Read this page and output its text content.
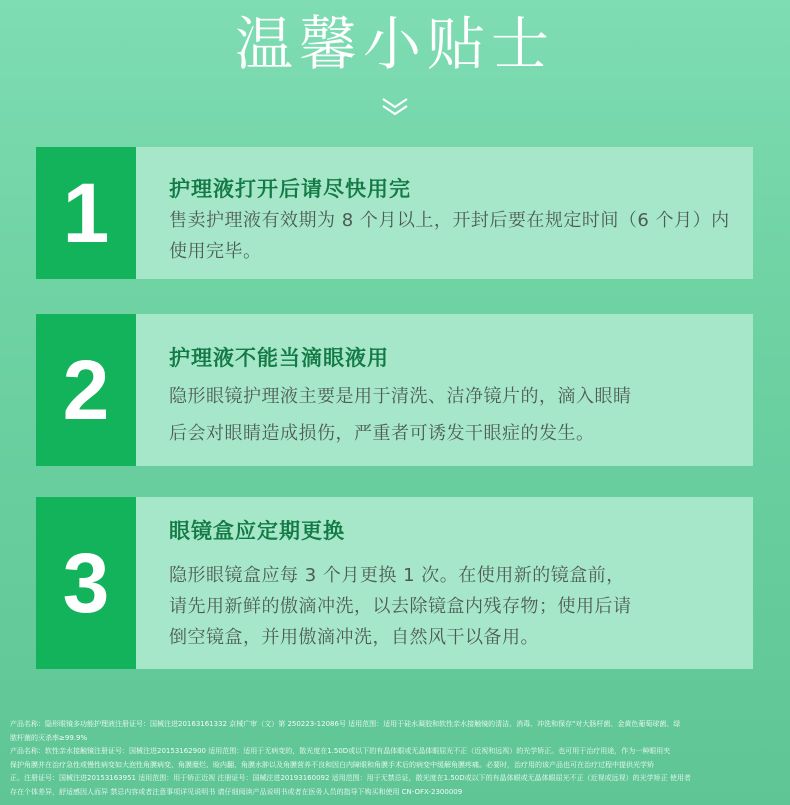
温馨小贴士
1	护理液打开后请尽快用完
售卖护理液有效期为 8 个月以上，开封后要在规定时间（6 个月）内
使用完毕。
2	护理液不能当滴眼液用
隐形眼镜护理液主要是用于清洗、洁净镜片的，滴入眼睛
后会对眼睛造成损伤，严重者可诱发干眼症的发生。
3
眼镜盒应定期更换
隐形眼镜盒应每 3 个月更换 1 次。在使用新的镜盒前，
请先用新鲜的傲滴冲洗，以去除镜盒内残存物；使用后请
倒空镜盒，并用傲滴冲洗，自然风干以备用。
产品名称：隐形眼镜多功能护理液注册证号：国械注进20163161332 京械广审（文）第 250223-12086号 适用范围：适用于硅水凝胶和软性亲水接触镜的清洁、消毒、冲洗和保存"对大肠杆菌、金黄色葡萄球菌、绿
脓杆菌的灭杀率≥99.9%
产品名称：软性亲水接触镜注册证号：国械注进20153162900 适用范围：适用于无病变的，散光度在1.50D或以下的有晶体眼或无晶体眼屈光不正（近视和远视）的光学矫正。也可用于治疗用途，作为一种眼用夹
保护角膜并在治疗急性或慢性病变如大泡性角膜病变、角膜糜烂、睑内翻、角膜水肿以及角膜营养不良和因白内障眼和角膜手术后的病变中缓解角膜疼痛。必要时，治疗用的该产品也可在治疗过程中提供光学矫
正。注册证号：国械注进20153163951 适用范围：用于矫正近视 注册证号：国械注进20193160092 适用范围：用于无禁忌证，散光度在1.50D或以下的有晶体眼或无晶体眼屈光不正（近视或远视）的光学矫正 使用者
存在个体差异，舒适感因人而异 禁忌内容或者注意事项详见说明书 请仔细阅读产品说明书或者在医务人员的指导下购买和使用 CN-OFX-2300009
